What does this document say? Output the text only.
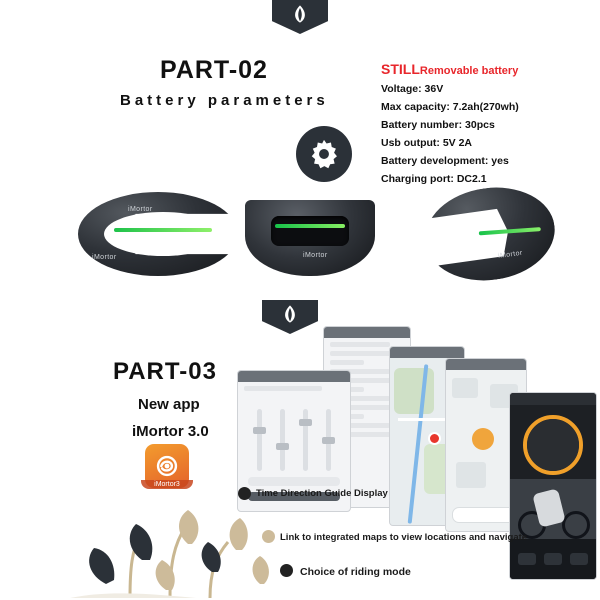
PART-02
Battery parameters
STILLRemovable battery
Voltage: 36V
Max capacity: 7.2ah(270wh)
Battery number: 30pcs
Usb output: 5V 2A
Battery development: yes
Charging port: DC2.1
iMortor
iMortor	iMortor	iMortor
PART-03
New app
iMortor 3.0
iMortor3
Time Direction Guide Display
Link to integrated maps to view locations and navigate
Choice of riding mode
